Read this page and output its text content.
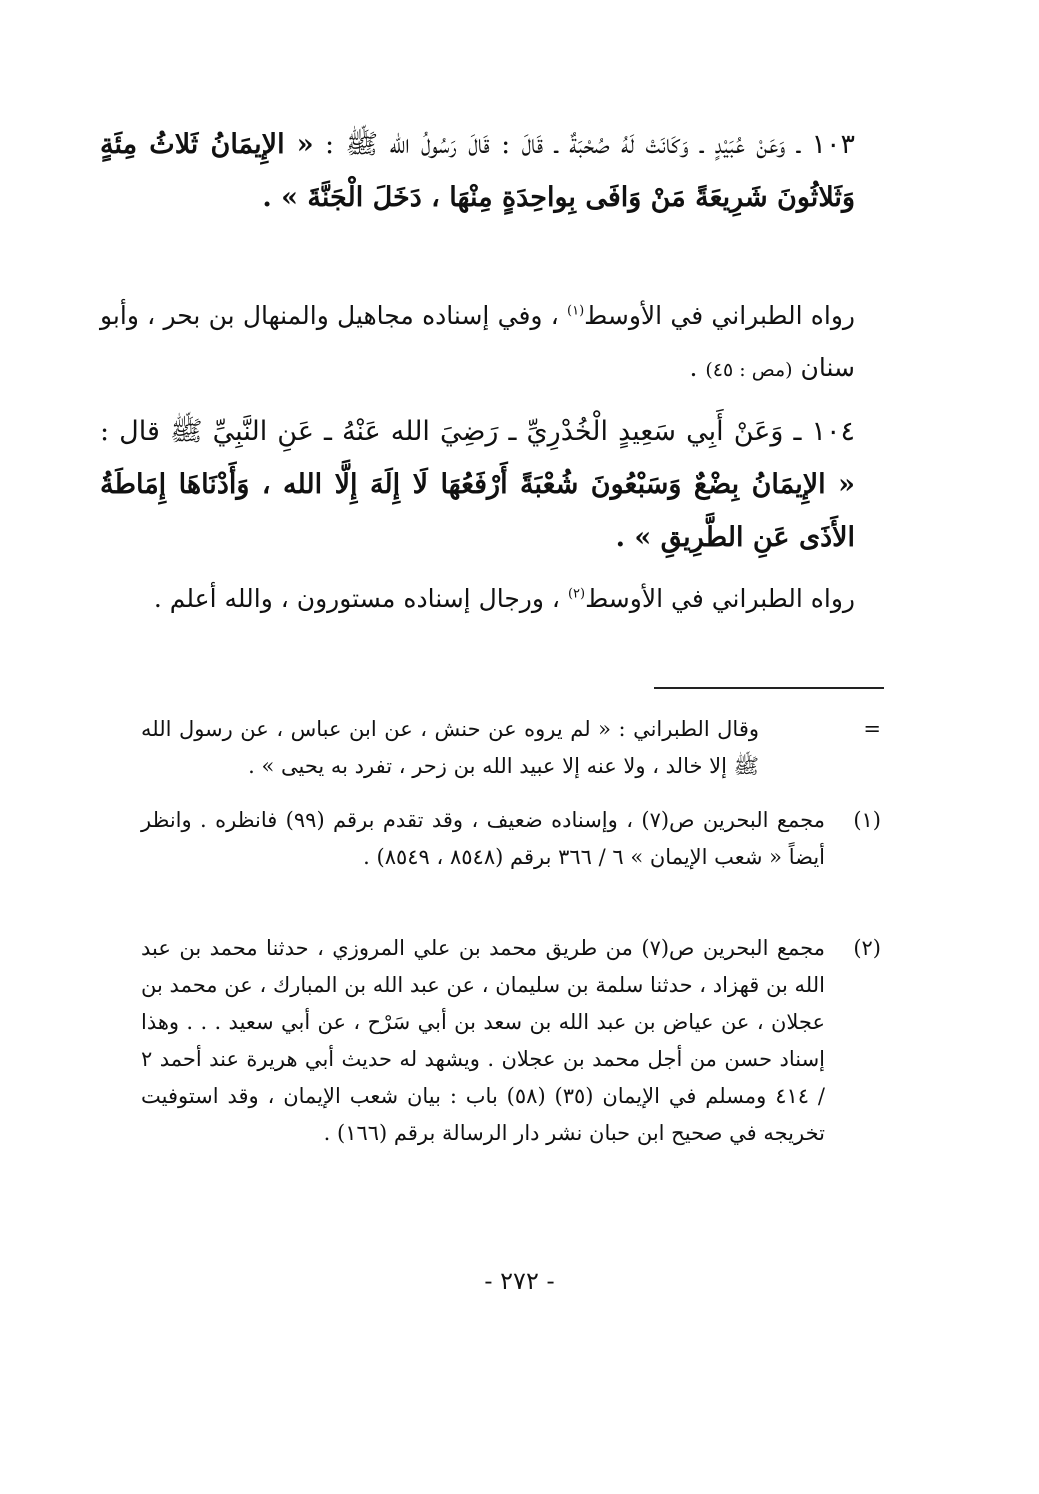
١٠٣ ـ وَعَنْ عُبَيْدٍ ـ وَكَانَتْ لَهُ صُحْبَةٌ ـ قَالَ : قَالَ رَسُولُ الله ﷺ : « الإِيمَانُ ثَلاثُ مِئَةٍ وَثَلاثُونَ شَرِيعَةً مَنْ وَافَى بِواحِدَةٍ مِنْهَا ، دَخَلَ الْجَنَّةَ » .
رواه الطبراني في الأوسط$^{(١)}$ ، وفي إسناده مجاهيل والمنهال بن بحر ، وأبو سنان (مص : ٤٥) .
١٠٤ ـ وَعَنْ أَبِي سَعِيدٍ الْخُدْرِيِّ ـ رَضِيَ الله عَنْهُ ـ عَنِ النَّبِيِّ ﷺ قال : « الإِيمَانُ بِضْعٌ وَسَبْعُونَ شُعْبَةً أَرْفَعُهَا لَا إِلَهَ إِلَّا الله ، وَأَدْنَاهَا إِمَاطَةُ الأَذَى عَنِ الطَّرِيقِ » .
رواه الطبراني في الأوسط$^{(٢)}$ ، ورجال إسناده مستورون ، والله أعلم .
=
وقال الطبراني : « لم يروه عن حنش ، عن ابن عباس ، عن رسول الله ﷺ إلا خالد ، ولا عنه إلا عبيد الله بن زحر ، تفرد به يحيى » .
(١)
مجمع البحرين ص(٧) ، وإسناده ضعيف ، وقد تقدم برقم (٩٩) فانظره . وانظر أيضاً « شعب الإيمان » ٦ / ٣٦٦ برقم (٨٥٤٨ ، ٨٥٤٩) .
(٢)
مجمع البحرين ص(٧) من طريق محمد بن علي المروزي ، حدثنا محمد بن عبد الله بن قهزاد ، حدثنا سلمة بن سليمان ، عن عبد الله بن المبارك ، عن محمد بن عجلان ، عن عياض بن عبد الله بن سعد بن أبي سَرْح ، عن أبي سعيد . . . وهذا إسناد حسن من أجل محمد بن عجلان . ويشهد له حديث أبي هريرة عند أحمد ٢ / ٤١٤ ومسلم في الإيمان (٣٥) (٥٨) باب : بيان شعب الإيمان ، وقد استوفيت تخريجه في صحيح ابن حبان نشر دار الرسالة برقم (١٦٦) .
- ٢٧٢ -
